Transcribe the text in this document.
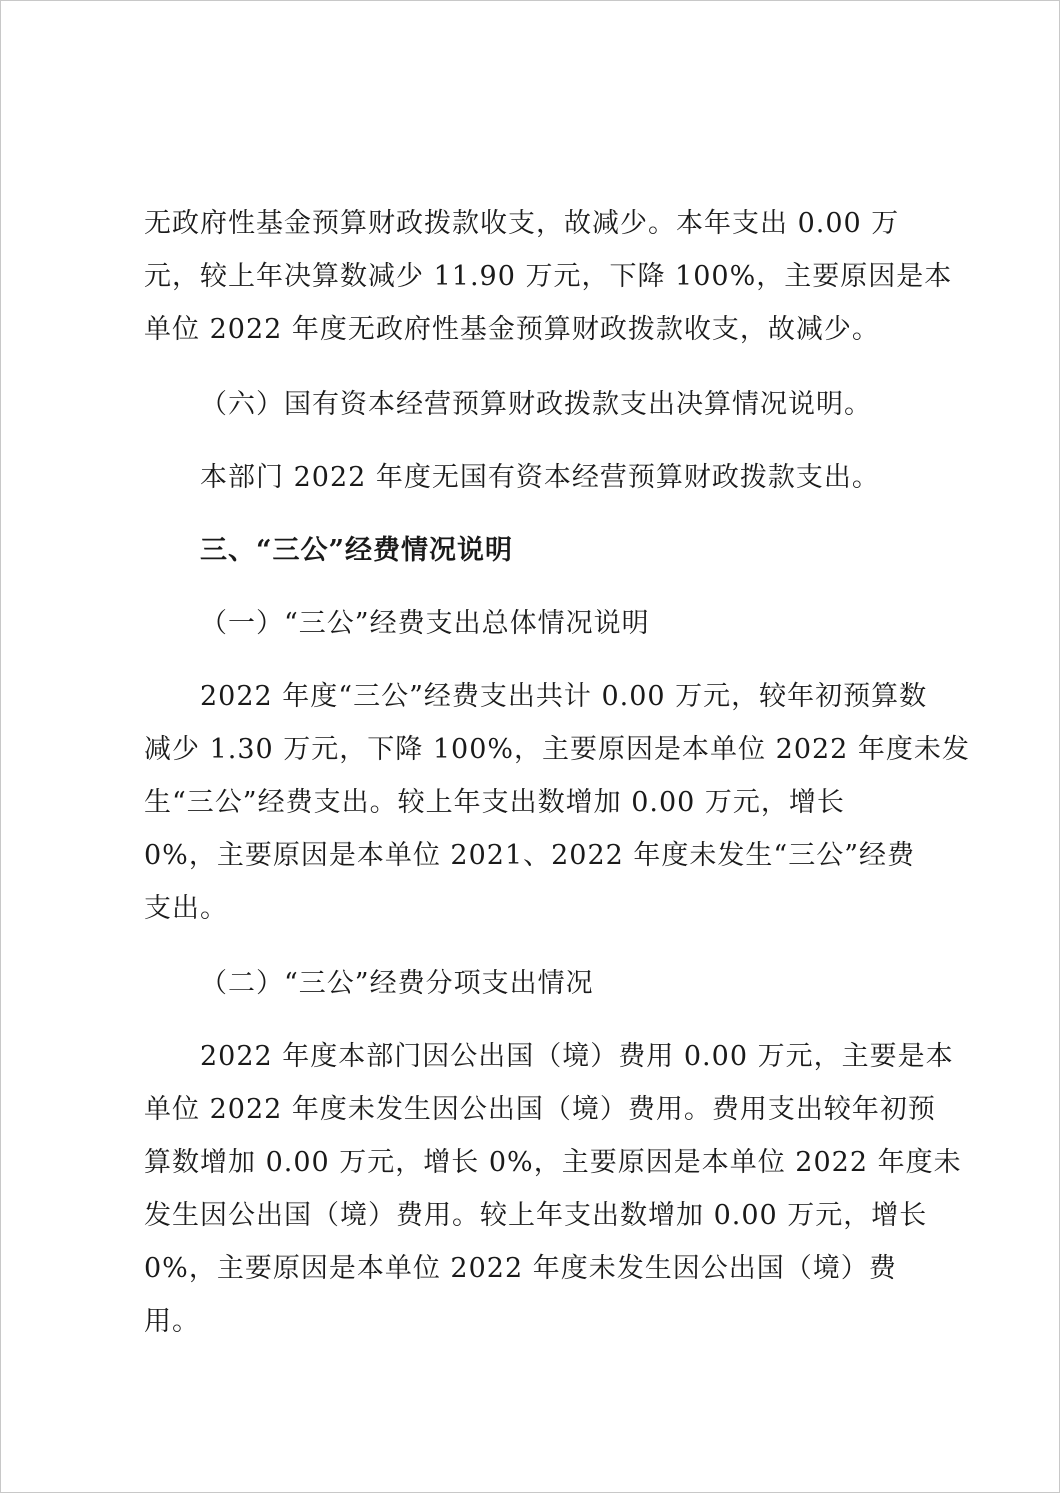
无政府性基金预算财政拨款收支，故减少。本年支出 0.00 万
元，较上年决算数减少 11.90 万元，下降 100%，主要原因是本
单位 2022 年度无政府性基金预算财政拨款收支，故减少。

（六）国有资本经营预算财政拨款支出决算情况说明。

本部门 2022 年度无国有资本经营预算财政拨款支出。

三、“三公”经费情况说明

（一）“三公”经费支出总体情况说明

2022 年度“三公”经费支出共计 0.00 万元，较年初预算数

减少 1.30 万元，下降 100%，主要原因是本单位 2022 年度未发
生“三公”经费支出。较上年支出数增加 0.00 万元，增长
0%，主要原因是本单位 2021、2022 年度未发生“三公”经费
支出。

（二）“三公”经费分项支出情况

2022 年度本部门因公出国（境）费用 0.00 万元，主要是本

单位 2022 年度未发生因公出国（境）费用。费用支出较年初预
算数增加 0.00 万元，增长 0%，主要原因是本单位 2022 年度未
发生因公出国（境）费用。较上年支出数增加 0.00 万元，增长
0%，主要原因是本单位 2022 年度未发生因公出国（境）费
用。
